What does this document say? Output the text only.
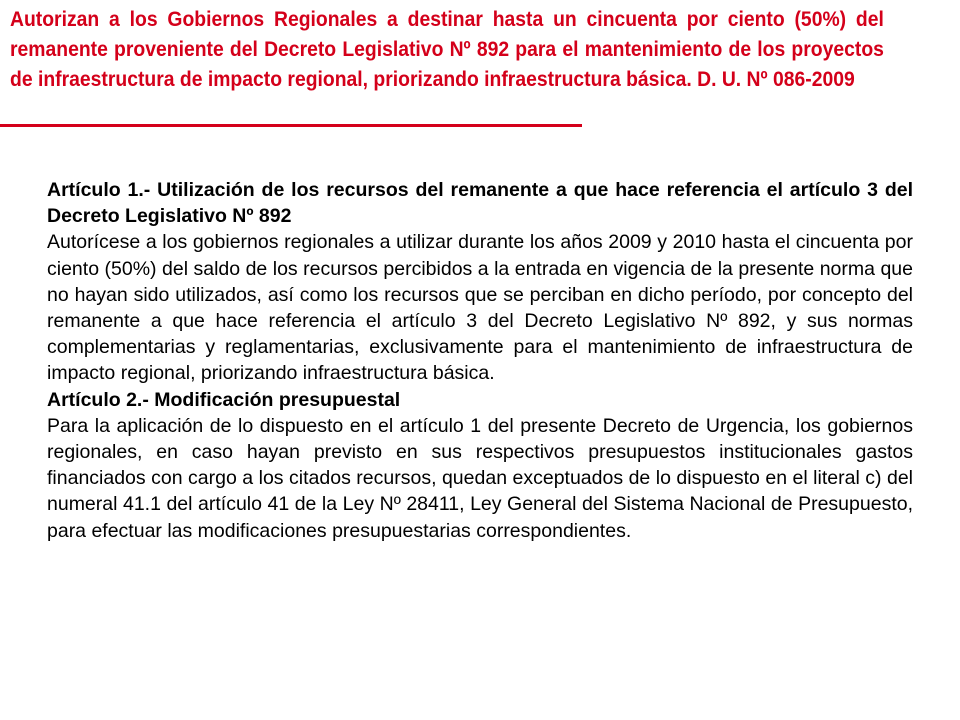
Autorizan a los Gobiernos Regionales a destinar hasta un cincuenta por ciento (50%) del remanente proveniente del Decreto Legislativo Nº 892 para el mantenimiento de los proyectos de infraestructura de impacto regional, priorizando infraestructura básica. D. U. Nº 086-2009

Artículo 1.- Utilización de los recursos del remanente a que hace referencia el artículo 3 del Decreto Legislativo Nº 892

Autorícese a los gobiernos regionales a utilizar durante los años 2009 y 2010 hasta el cincuenta por ciento (50%) del saldo de los recursos percibidos a la entrada en vigencia de la presente norma que no hayan sido utilizados, así como los recursos que se perciban en dicho período, por concepto del remanente a que hace referencia el artículo 3 del Decreto Legislativo Nº 892, y sus normas complementarias y reglamentarias, exclusivamente para el mantenimiento de infraestructura de impacto regional, priorizando infraestructura básica.

Artículo 2.- Modificación presupuestal

Para la aplicación de lo dispuesto en el artículo 1 del presente Decreto de Urgencia, los gobiernos regionales, en caso hayan previsto en sus respectivos presupuestos institucionales gastos financiados con cargo a los citados recursos, quedan exceptuados de lo dispuesto en el literal c) del numeral 41.1 del artículo 41 de la Ley Nº 28411, Ley General del Sistema Nacional de Presupuesto, para efectuar las modificaciones presupuestarias correspondientes.
